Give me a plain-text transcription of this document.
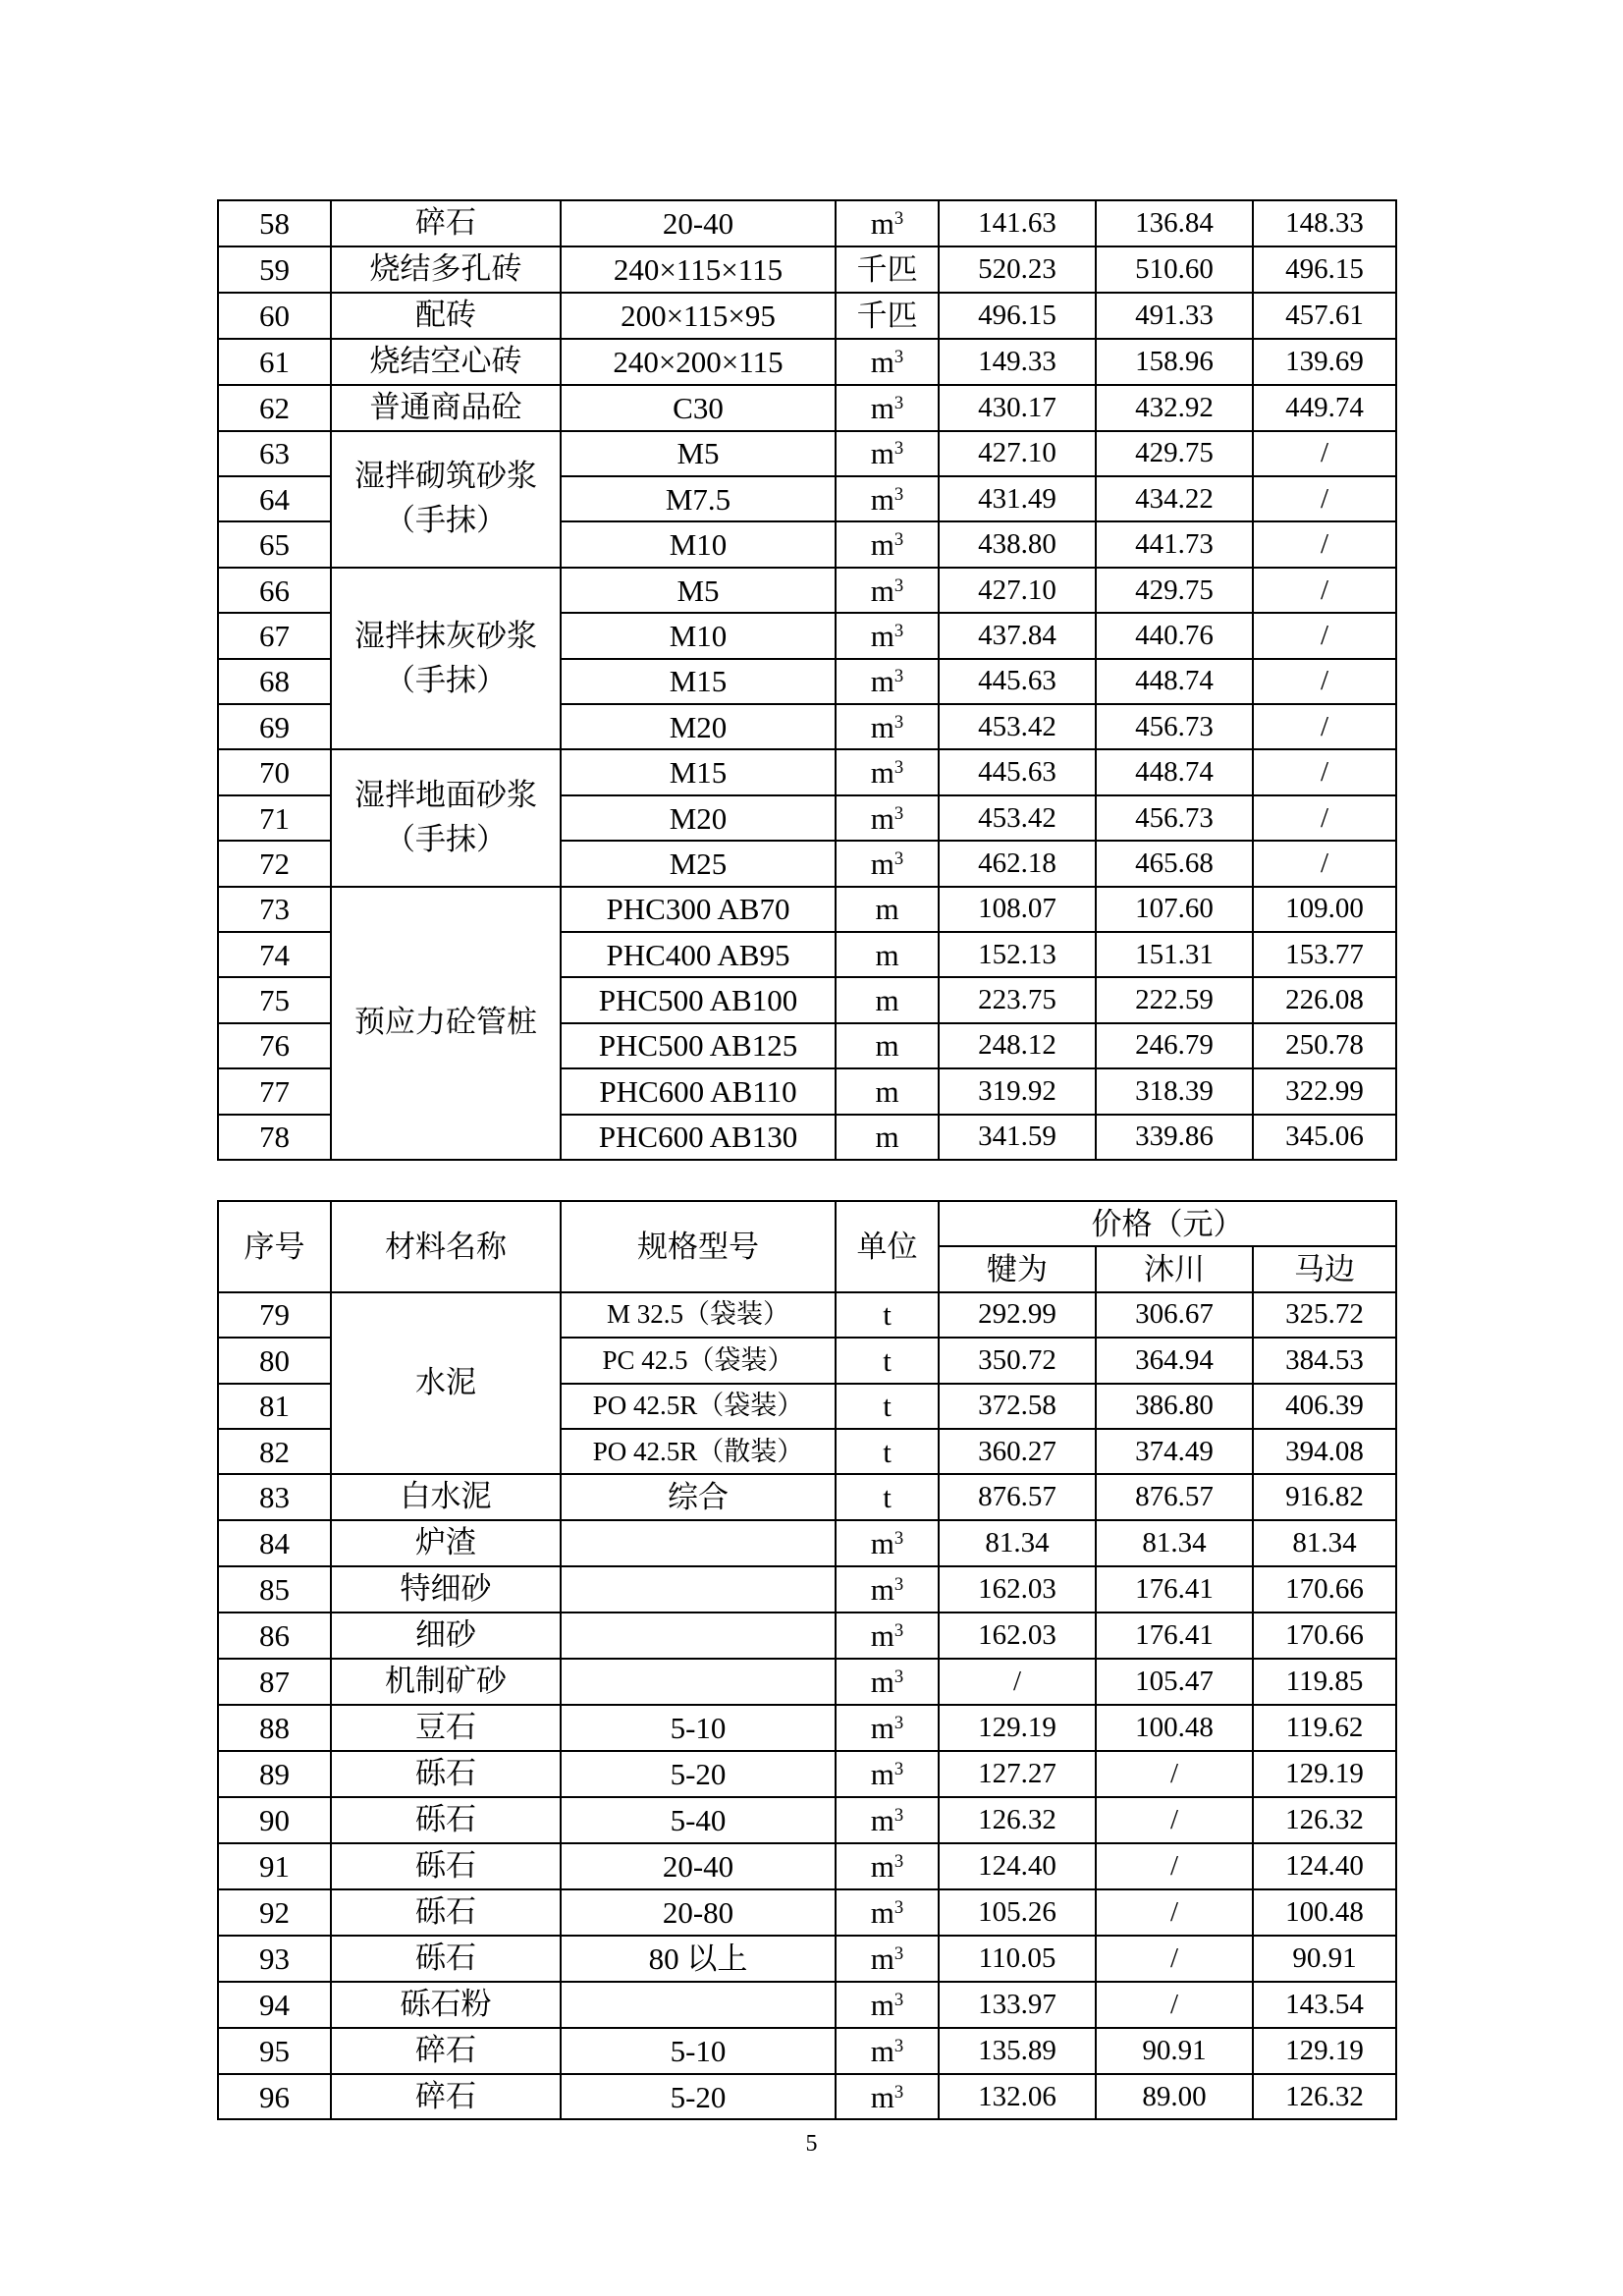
58	碎石	20-40	$m^3$	141.63	136.84	148.33
59	烧结多孔砖	240×115×115	千匹	520.23	510.60	496.15
60	配砖	200×115×95	千匹	496.15	491.33	457.61
61	烧结空心砖	240×200×115	$m^3$	149.33	158.96	139.69
62	普通商品砼	C30	$m^3$	430.17	432.92	449.74
63	湿拌砌筑砂浆（手抹）	M5	$m^3$	427.10	429.75	/
64		M7.5	$m^3$	431.49	434.22	/
65		M10	$m^3$	438.80	441.73	/
66	湿拌抹灰砂浆（手抹）	M5	$m^3$	427.10	429.75	/
67		M10	$m^3$	437.84	440.76	/
68		M15	$m^3$	445.63	448.74	/
69		M20	$m^3$	453.42	456.73	/
70	湿拌地面砂浆（手抹）	M15	$m^3$	445.63	448.74	/
71		M20	$m^3$	453.42	456.73	/
72		M25	$m^3$	462.18	465.68	/
73	预应力砼管桩	PHC300 AB70	m	108.07	107.60	109.00
74		PHC400 AB95	m	152.13	151.31	153.77
75		PHC500 AB100	m	223.75	222.59	226.08
76		PHC500 AB125	m	248.12	246.79	250.78
77		PHC600 AB110	m	319.92	318.39	322.99
78		PHC600 AB130	m	341.59	339.86	345.06
序号	材料名称	规格型号	单位	价格（元）		
				犍为	沐川	马边
79	水泥	M 32.5（袋装）	t	292.99	306.67	325.72
80		PC 42.5（袋装）	t	350.72	364.94	384.53
81		PO 42.5R（袋装）	t	372.58	386.80	406.39
82		PO 42.5R（散装）	t	360.27	374.49	394.08
83	白水泥	综合	t	876.57	876.57	916.82
84	炉渣		$m^3$	81.34	81.34	81.34
85	特细砂		$m^3$	162.03	176.41	170.66
86	细砂		$m^3$	162.03	176.41	170.66
87	机制矿砂		$m^3$	/	105.47	119.85
88	豆石	5-10	$m^3$	129.19	100.48	119.62
89	砾石	5-20	$m^3$	127.27	/	129.19
90	砾石	5-40	$m^3$	126.32	/	126.32
91	砾石	20-40	$m^3$	124.40	/	124.40
92	砾石	20-80	$m^3$	105.26	/	100.48
93	砾石	80 以上	$m^3$	110.05	/	90.91
94	砾石粉		$m^3$	133.97	/	143.54
95	碎石	5-10	$m^3$	135.89	90.91	129.19
96	碎石	5-20	$m^3$	132.06	89.00	126.32
5
